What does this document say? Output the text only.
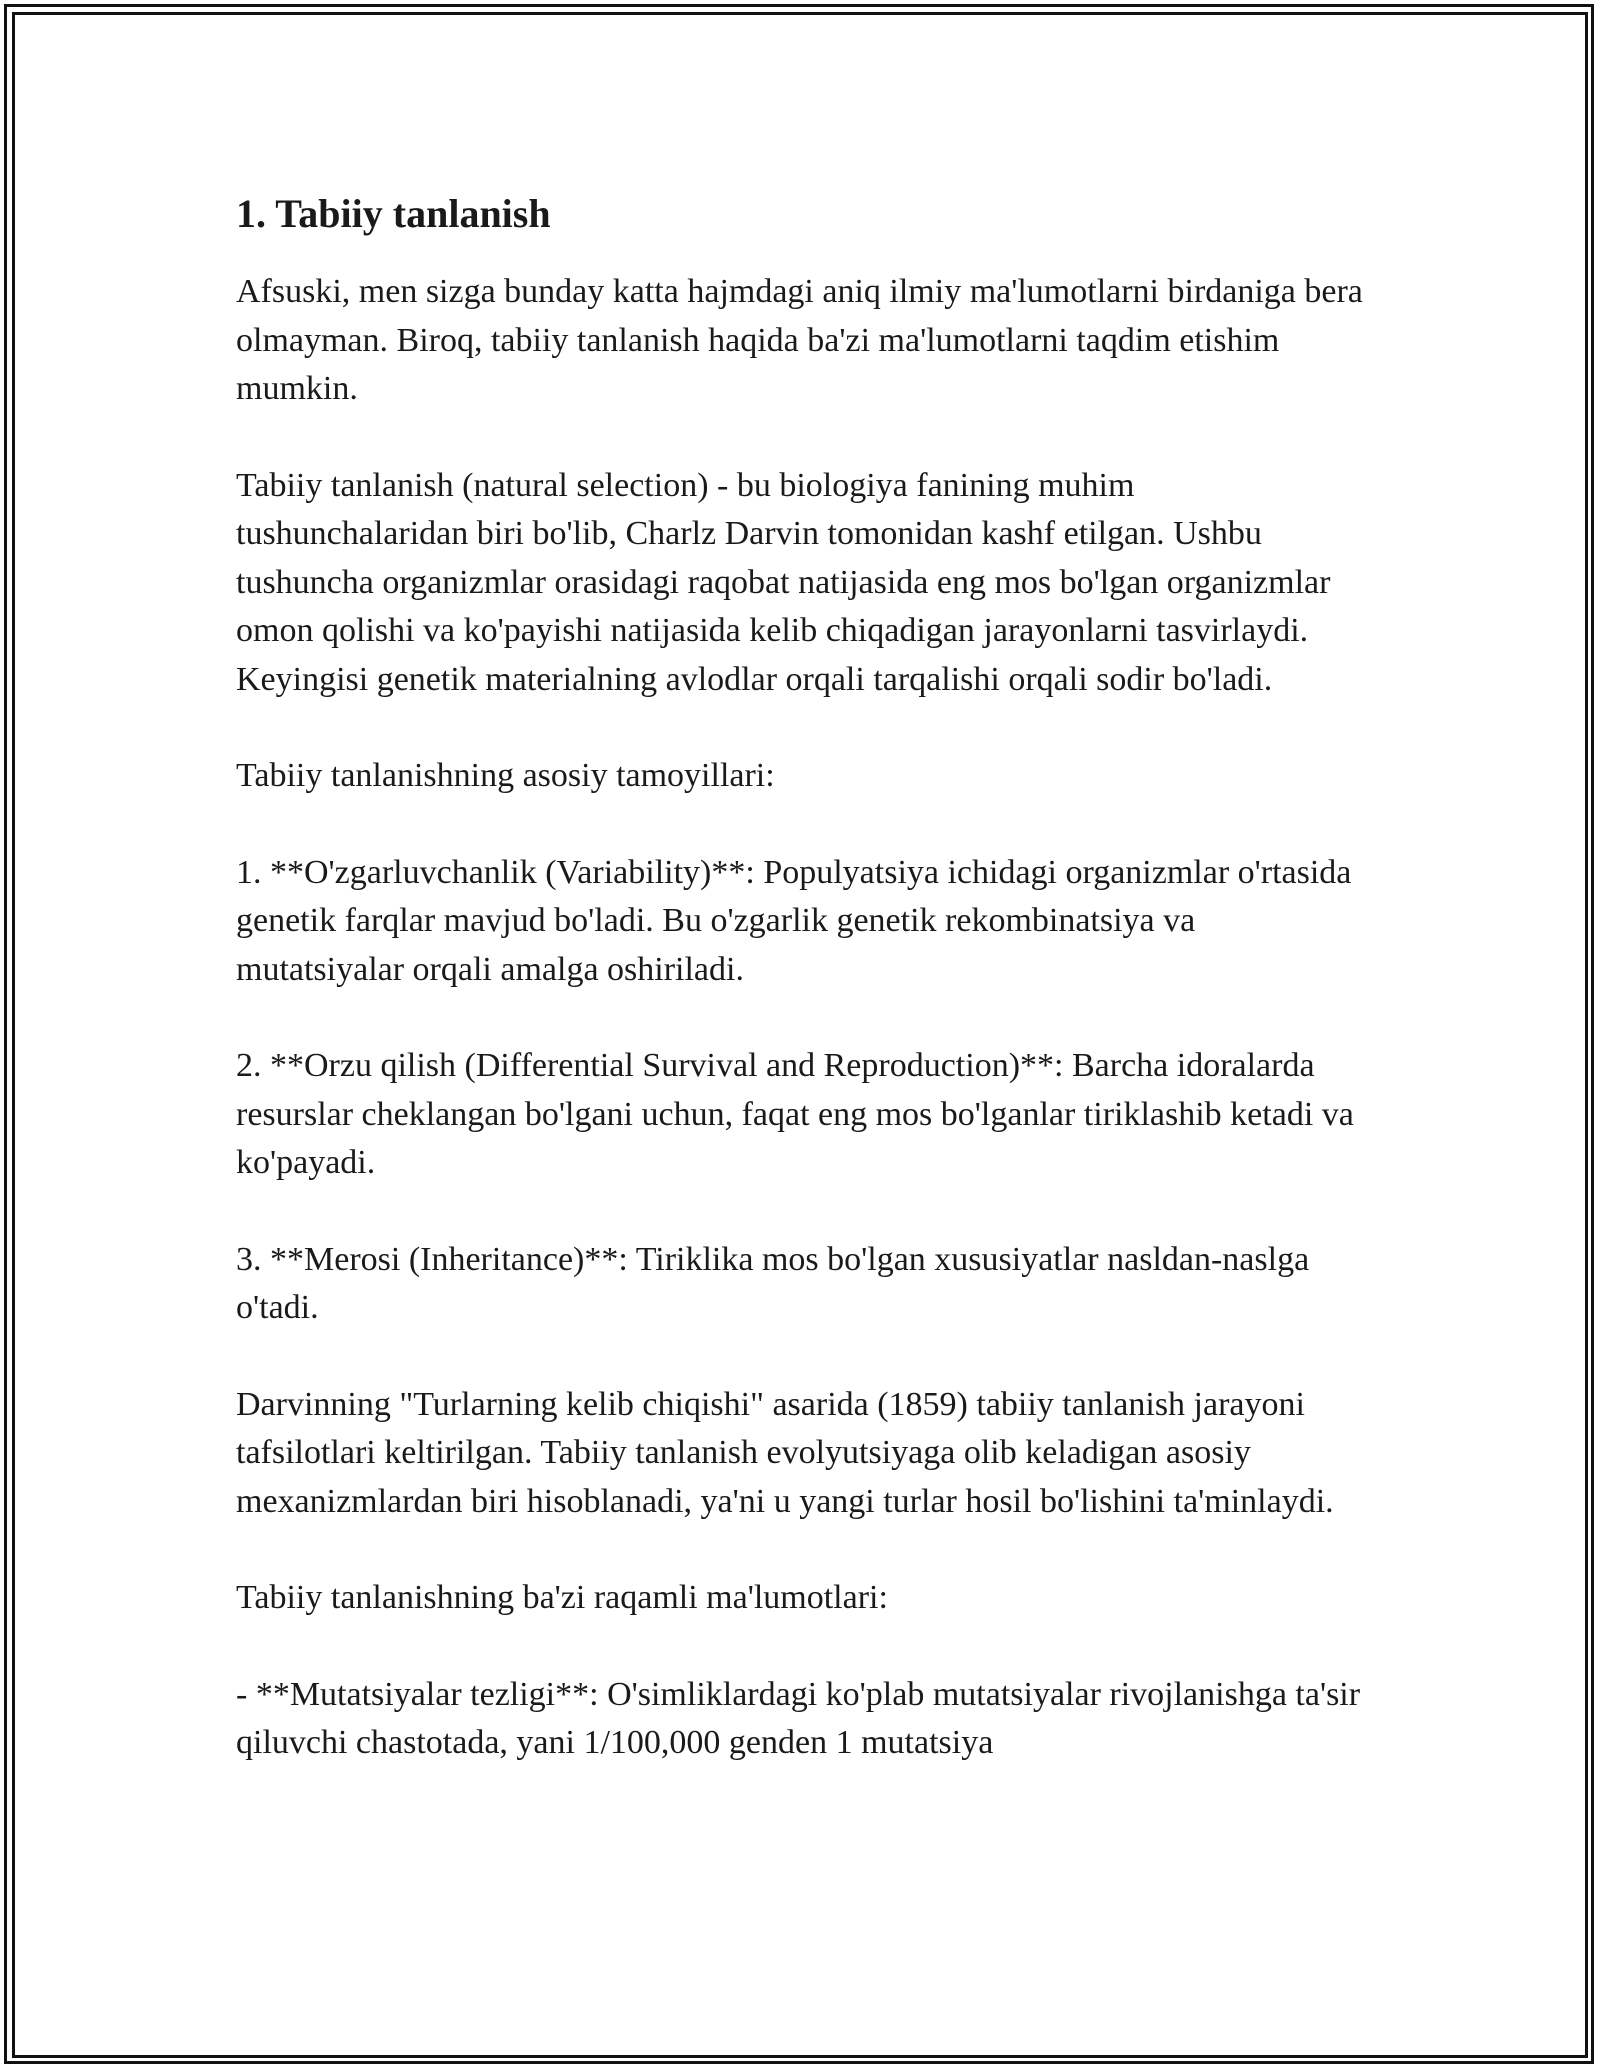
1. Tabiiy tanlanish

Afsuski, men sizga bunday katta hajmdagi aniq ilmiy ma'lumotlarni birdaniga bera olmayman. Biroq, tabiiy tanlanish haqida ba'zi ma'lumotlarni taqdim etishim mumkin.

Tabiiy tanlanish (natural selection) - bu biologiya fanining muhim tushunchalaridan biri bo'lib, Charlz Darvin tomonidan kashf etilgan. Ushbu tushuncha organizmlar orasidagi raqobat natijasida eng mos bo'lgan organizmlar omon qolishi va ko'payishi natijasida kelib chiqadigan jarayonlarni tasvirlaydi. Keyingisi genetik materialning avlodlar orqali tarqalishi orqali sodir bo'ladi.

Tabiiy tanlanishning asosiy tamoyillari:

1. **O'zgarluvchanlik (Variability)**: Populyatsiya ichidagi organizmlar o'rtasida genetik farqlar mavjud bo'ladi. Bu o'zgarlik genetik rekombinatsiya va mutatsiyalar orqali amalga oshiriladi.

2. **Orzu qilish (Differential Survival and Reproduction)**: Barcha idoralarda resurslar cheklangan bo'lgani uchun, faqat eng mos bo'lganlar tiriklashib ketadi va ko'payadi.

3. **Merosi (Inheritance)**: Tiriklika mos bo'lgan xususiyatlar nasldan-naslga o'tadi.

Darvinning "Turlarning kelib chiqishi" asarida (1859) tabiiy tanlanish jarayoni tafsilotlari keltirilgan. Tabiiy tanlanish evolyutsiyaga olib keladigan asosiy mexanizmlardan biri hisoblanadi, ya'ni u yangi turlar hosil bo'lishini ta'minlaydi.

Tabiiy tanlanishning ba'zi raqamli ma'lumotlari:

- **Mutatsiyalar tezligi**: O'simliklardagi ko'plab mutatsiyalar rivojlanishga ta'sir qiluvchi chastotada, yani 1/100,000 genden 1 mutatsiya
